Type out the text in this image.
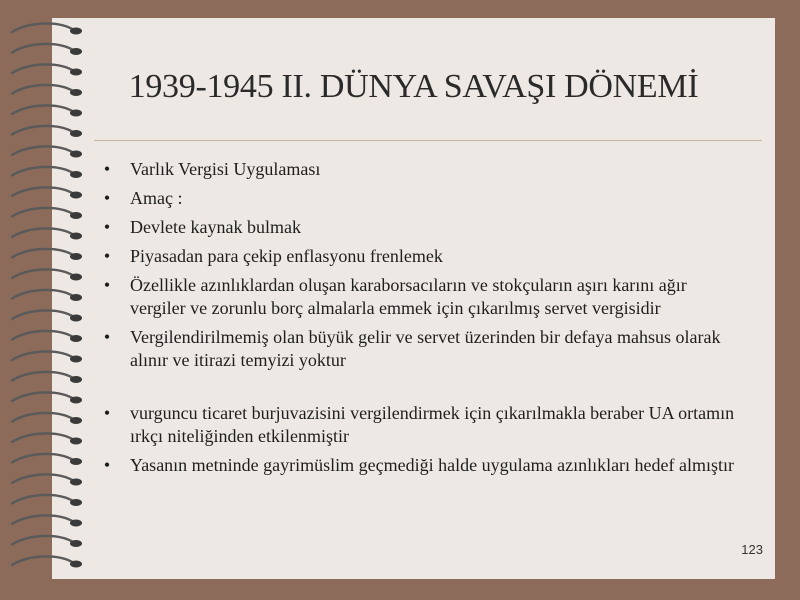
1939-1945 II. DÜNYA SAVAŞI DÖNEMİ
• Varlık Vergisi Uygulaması
• Amaç :
• Devlete kaynak bulmak
• Piyasadan para çekip enflasyonu frenlemek
• Özellikle azınlıklardan oluşan karaborsacıların ve stokçuların aşırı karını ağır vergiler ve zorunlu borç almalarla emmek için çıkarılmış servet vergisidir
• Vergilendirilmemiş olan büyük gelir ve servet üzerinden bir defaya mahsus olarak alınır ve itirazi temyizi yoktur
• vurguncu ticaret burjuvazisini vergilendirmek için çıkarılmakla beraber UA ortamın ırkçı niteliğinden etkilenmiştir
• Yasanın metninde gayrimüslim geçmediği halde uygulama azınlıkları hedef almıştır
123
